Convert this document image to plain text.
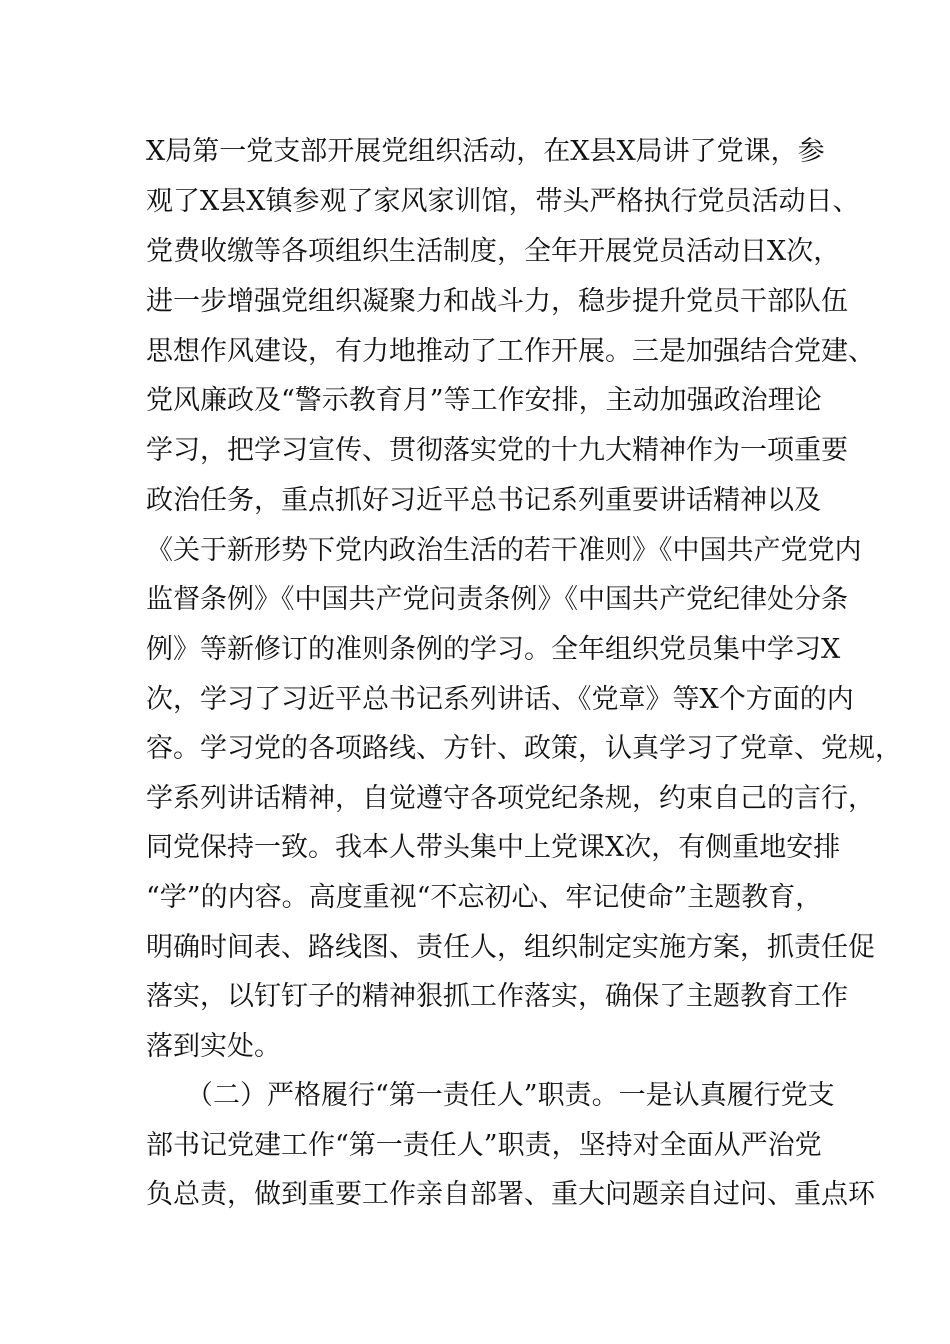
X局第一党支部开展党组织活动，在X县X局讲了党课，参
观了X县X镇参观了家风家训馆，带头严格执行党员活动日、
党费收缴等各项组织生活制度，全年开展党员活动日X次，
进一步增强党组织凝聚力和战斗力，稳步提升党员干部队伍
思想作风建设，有力地推动了工作开展。三是加强结合党建、
党风廉政及“警示教育月”等工作安排，主动加强政治理论
学习，把学习宣传、贯彻落实党的十九大精神作为一项重要
政治任务，重点抓好习近平总书记系列重要讲话精神以及
《关于新形势下党内政治生活的若干准则》《中国共产党党内
监督条例》《中国共产党问责条例》《中国共产党纪律处分条
例》等新修订的准则条例的学习。全年组织党员集中学习X
次，学习了习近平总书记系列讲话、《党章》等X个方面的内
容。学习党的各项路线、方针、政策，认真学习了党章、党规，
学系列讲话精神，自觉遵守各项党纪条规，约束自己的言行，
同党保持一致。我本人带头集中上党课X次，有侧重地安排
“学”的内容。高度重视“不忘初心、牢记使命”主题教育，
明确时间表、路线图、责任人，组织制定实施方案，抓责任促
落实，以钉钉子的精神狠抓工作落实，确保了主题教育工作
落到实处。
（二）严格履行“第一责任人”职责。一是认真履行党支
部书记党建工作“第一责任人”职责，坚持对全面从严治党
负总责，做到重要工作亲自部署、重大问题亲自过问、重点环
